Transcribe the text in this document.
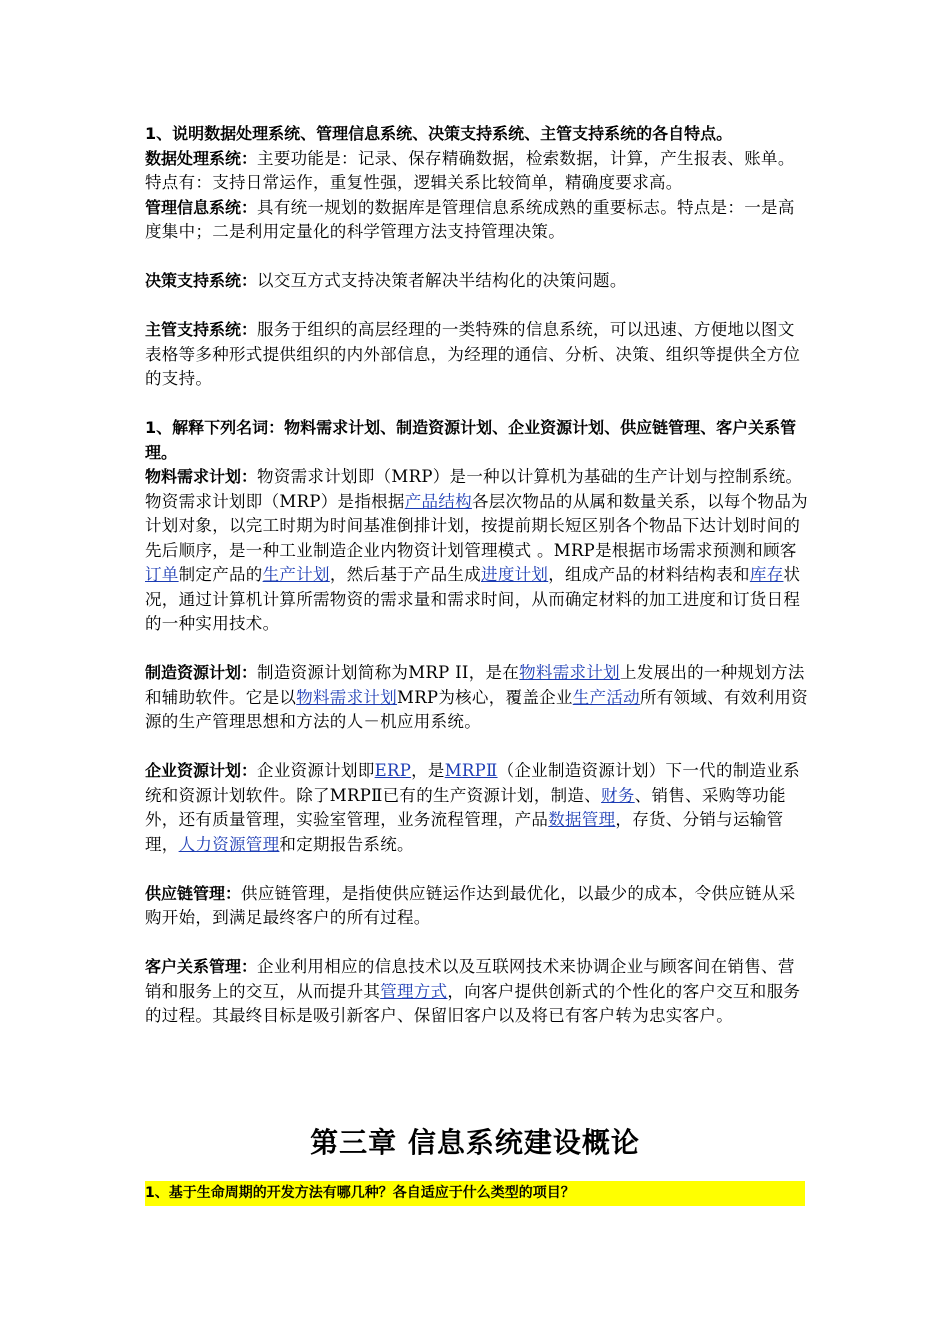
1、说明数据处理系统、管理信息系统、决策支持系统、主管支持系统的各自特点。

数据处理系统：主要功能是：记录、保存精确数据，检索数据，计算，产生报表、账单。特点有：支持日常运作，重复性强，逻辑关系比较简单，精确度要求高。

管理信息系统：具有统一规划的数据库是管理信息系统成熟的重要标志。特点是：一是高度集中；二是利用定量化的科学管理方法支持管理决策。

决策支持系统：以交互方式支持决策者解决半结构化的决策问题。

主管支持系统：服务于组织的高层经理的一类特殊的信息系统，可以迅速、方便地以图文表格等多种形式提供组织的内外部信息，为经理的通信、分析、决策、组织等提供全方位的支持。

1、解释下列名词：物料需求计划、制造资源计划、企业资源计划、供应链管理、客户关系管理。

物料需求计划：物资需求计划即（MRP）是一种以计算机为基础的生产计划与控制系统。物资需求计划即（MRP）是指根据产品结构各层次物品的从属和数量关系，以每个物品为计划对象，以完工时期为时间基准倒排计划，按提前期长短区别各个物品下达计划时间的先后顺序，是一种工业制造企业内物资计划管理模式 。MRP是根据市场需求预测和顾客订单制定产品的生产计划，然后基于产品生成进度计划，组成产品的材料结构表和库存状况，通过计算机计算所需物资的需求量和需求时间，从而确定材料的加工进度和订货日程的一种实用技术。

制造资源计划：制造资源计划简称为MRP II，是在物料需求计划上发展出的一种规划方法和辅助软件。它是以物料需求计划MRP为核心，覆盖企业生产活动所有领域、有效利用资源的生产管理思想和方法的人－机应用系统。

企业资源计划：企业资源计划即ERP，是MRPⅡ（企业制造资源计划）下一代的制造业系统和资源计划软件。除了MRPⅡ已有的生产资源计划，制造、财务、销售、采购等功能外，还有质量管理，实验室管理，业务流程管理，产品数据管理，存货、分销与运输管理，人力资源管理和定期报告系统。

供应链管理：供应链管理，是指使供应链运作达到最优化，以最少的成本，令供应链从采购开始，到满足最终客户的所有过程。

客户关系管理：企业利用相应的信息技术以及互联网技术来协调企业与顾客间在销售、营销和服务上的交互，从而提升其管理方式，向客户提供创新式的个性化的客户交互和服务的过程。其最终目标是吸引新客户、保留旧客户以及将已有客户转为忠实客户。

第三章 信息系统建设概论
1、基于生命周期的开发方法有哪几种？各自适应于什么类型的项目？
